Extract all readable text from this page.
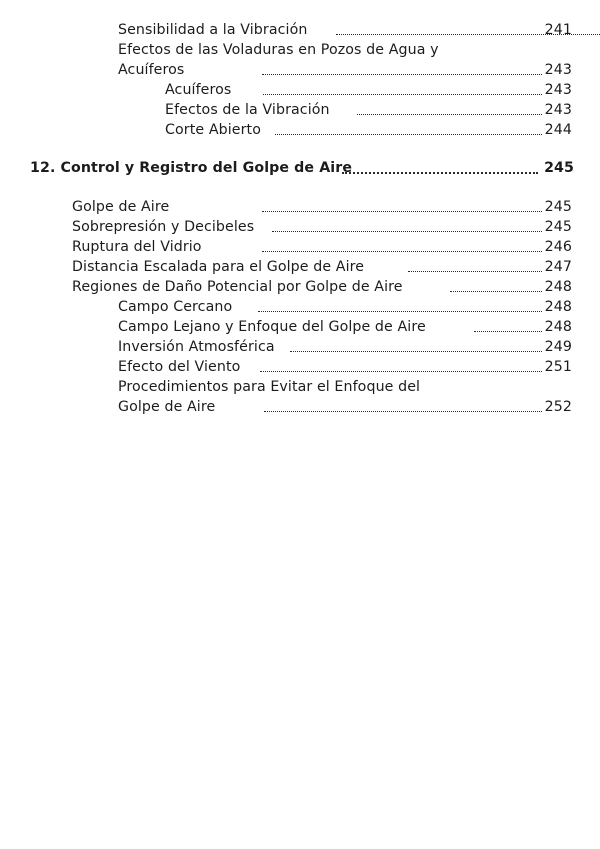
Sensibilidad a la Vibración	241
Efectos de las Voladuras en Pozos de Agua y
Acuíferos	243
Acuíferos	243
Efectos de la Vibración	243
Corte Abierto	244
12. Control y Registro del Golpe de Aire	245
Golpe de Aire	245
Sobrepresión y Decibeles	245
Ruptura del Vidrio	246
Distancia Escalada para el Golpe de Aire	247
Regiones de Daño Potencial por Golpe de Aire	248
Campo Cercano	248
Campo Lejano y Enfoque del Golpe de Aire	248
Inversión Atmosférica	249
Efecto del Viento	251
Procedimientos para Evitar el Enfoque del
Golpe de Aire	252
